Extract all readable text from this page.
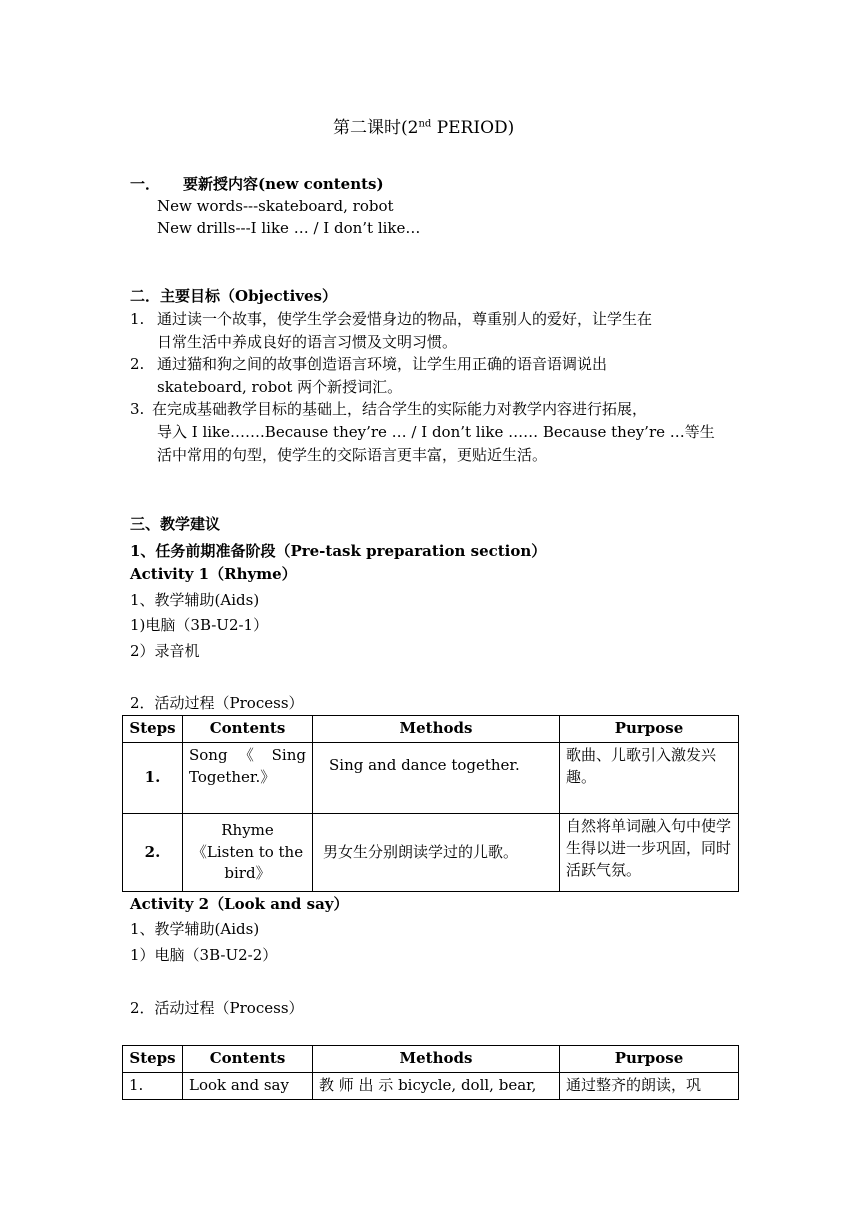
第二课时(2nd PERIOD)
一． 要新授内容(new contents)
New words---skateboard, robot
New drills---I like … / I don’t like…
二．主要目标（Objectives）
1. 通过读一个故事，使学生学会爱惜身边的物品，尊重别人的爱好，让学生在
日常生活中养成良好的语言习惯及文明习惯。
2. 通过猫和狗之间的故事创造语言环境，让学生用正确的语音语调说出
skateboard, robot 两个新授词汇。
3. 在完成基础教学目标的基础上，结合学生的实际能力对教学内容进行拓展，
导入 I like…….Because they’re … / I don’t like …… Because they’re …等生
活中常用的句型，使学生的交际语言更丰富，更贴近生活。
三、教学建议
1、任务前期准备阶段（Pre-task preparation section）
Activity 1（Rhyme）
1、教学辅助(Aids)
1)电脑（3B-U2-1）
2）录音机
2．活动过程（Process）
Steps	Contents	Methods	Purpose
1.	Song 《 Sing Together.》	Sing and dance together.	歌曲、儿歌引入激发兴趣。
2.	Rhyme 《Listen to the bird》	男女生分别朗读学过的儿歌。	自然将单词融入句中使学生得以进一步巩固，同时活跃气氛。
Activity 2（Look and say）
1、教学辅助(Aids)
1）电脑（3B-U2-2）
2．活动过程（Process）
Steps	Contents	Methods	Purpose
1.	Look and say	教 师 出 示 bicycle, doll, bear,	通过整齐的朗读，巩
